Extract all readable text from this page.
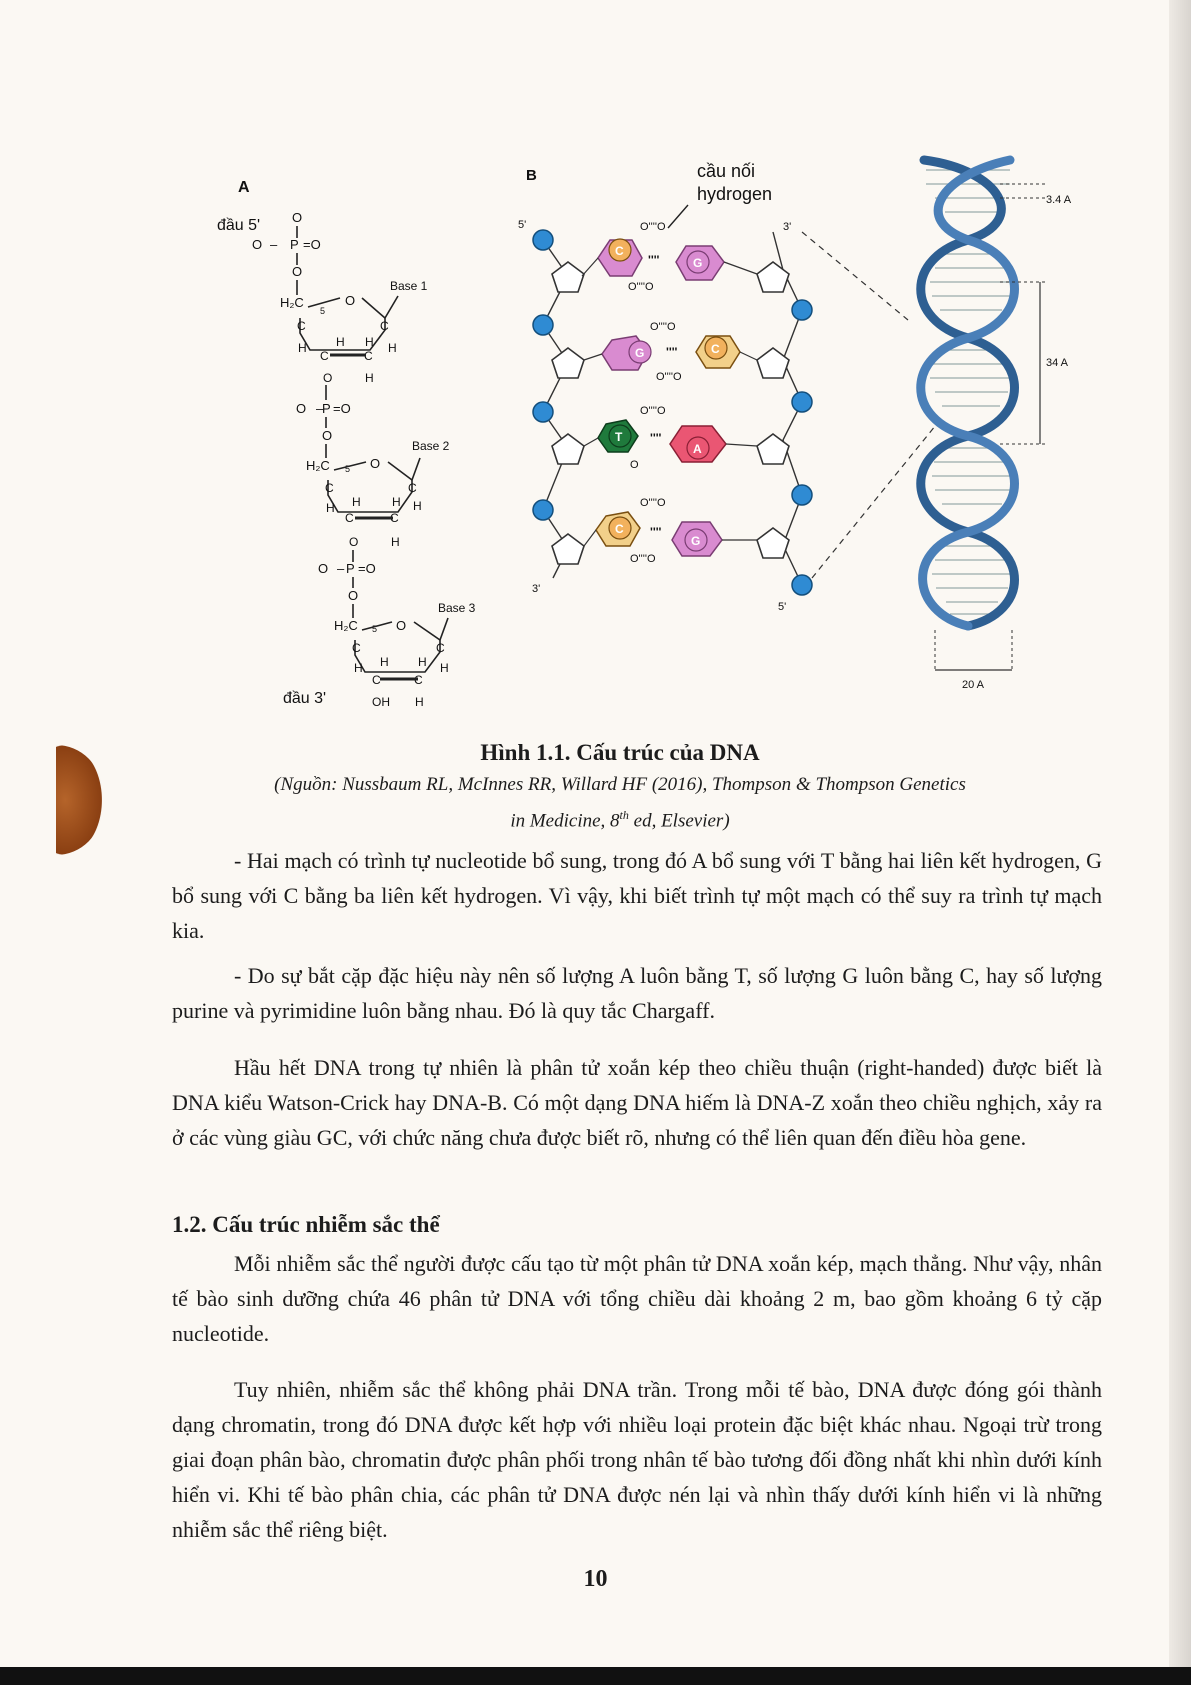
A
đầu 5'
đầu 3'
O
O – P =O
O
H₂C
5
O
Base 1
C	C
H H H H
C	C
O	H
O –
P =O
O
H₂C 5 O
Base 2
C	C
H H	H H
C	C
O	H
O – P =O
O
H₂C 5 O
Base 3
C	C
H H H H
C	C
OH H
B	cầu nối
hydrogen
5'	3'
3'
5'
C
G
''''
O''''O
O''''O
G	C
''''
O''''O
O''''O
T
A
''''
O''''O
O
C
G
''''
O''''O
O''''O
3.4 A
34 A
20 A
Hình 1.1. Cấu trúc của DNA
(Nguồn: Nussbaum RL, McInnes RR, Willard HF (2016), Thompson & Thompson Genetics
in Medicine, 8th ed, Elsevier)

- Hai mạch có trình tự nucleotide bổ sung, trong đó A bổ sung với T bằng hai liên kết hydrogen, G bổ sung với C bằng ba liên kết hydrogen. Vì vậy, khi biết trình tự một mạch có thể suy ra trình tự mạch kia.

- Do sự bắt cặp đặc hiệu này nên số lượng A luôn bằng T, số lượng G luôn bằng C, hay số lượng purine và pyrimidine luôn bằng nhau. Đó là quy tắc Chargaff.

Hầu hết DNA trong tự nhiên là phân tử xoắn kép theo chiều thuận (right-handed) được biết là DNA kiểu Watson-Crick hay DNA-B. Có một dạng DNA hiếm là DNA-Z xoắn theo chiều nghịch, xảy ra ở các vùng giàu GC, với chức năng chưa được biết rõ, nhưng có thể liên quan đến điều hòa gene.

1.2. Cấu trúc nhiễm sắc thể

Mỗi nhiễm sắc thể người được cấu tạo từ một phân tử DNA xoắn kép, mạch thẳng. Như vậy, nhân tế bào sinh dưỡng chứa 46 phân tử DNA với tổng chiều dài khoảng 2 m, bao gồm khoảng 6 tỷ cặp nucleotide.

Tuy nhiên, nhiễm sắc thể không phải DNA trần. Trong mỗi tế bào, DNA được đóng gói thành dạng chromatin, trong đó DNA được kết hợp với nhiều loại protein đặc biệt khác nhau. Ngoại trừ trong giai đoạn phân bào, chromatin được phân phối trong nhân tế bào tương đối đồng nhất khi nhìn dưới kính hiển vi. Khi tế bào phân chia, các phân tử DNA được nén lại và nhìn thấy dưới kính hiển vi là những nhiễm sắc thể riêng biệt.

10
